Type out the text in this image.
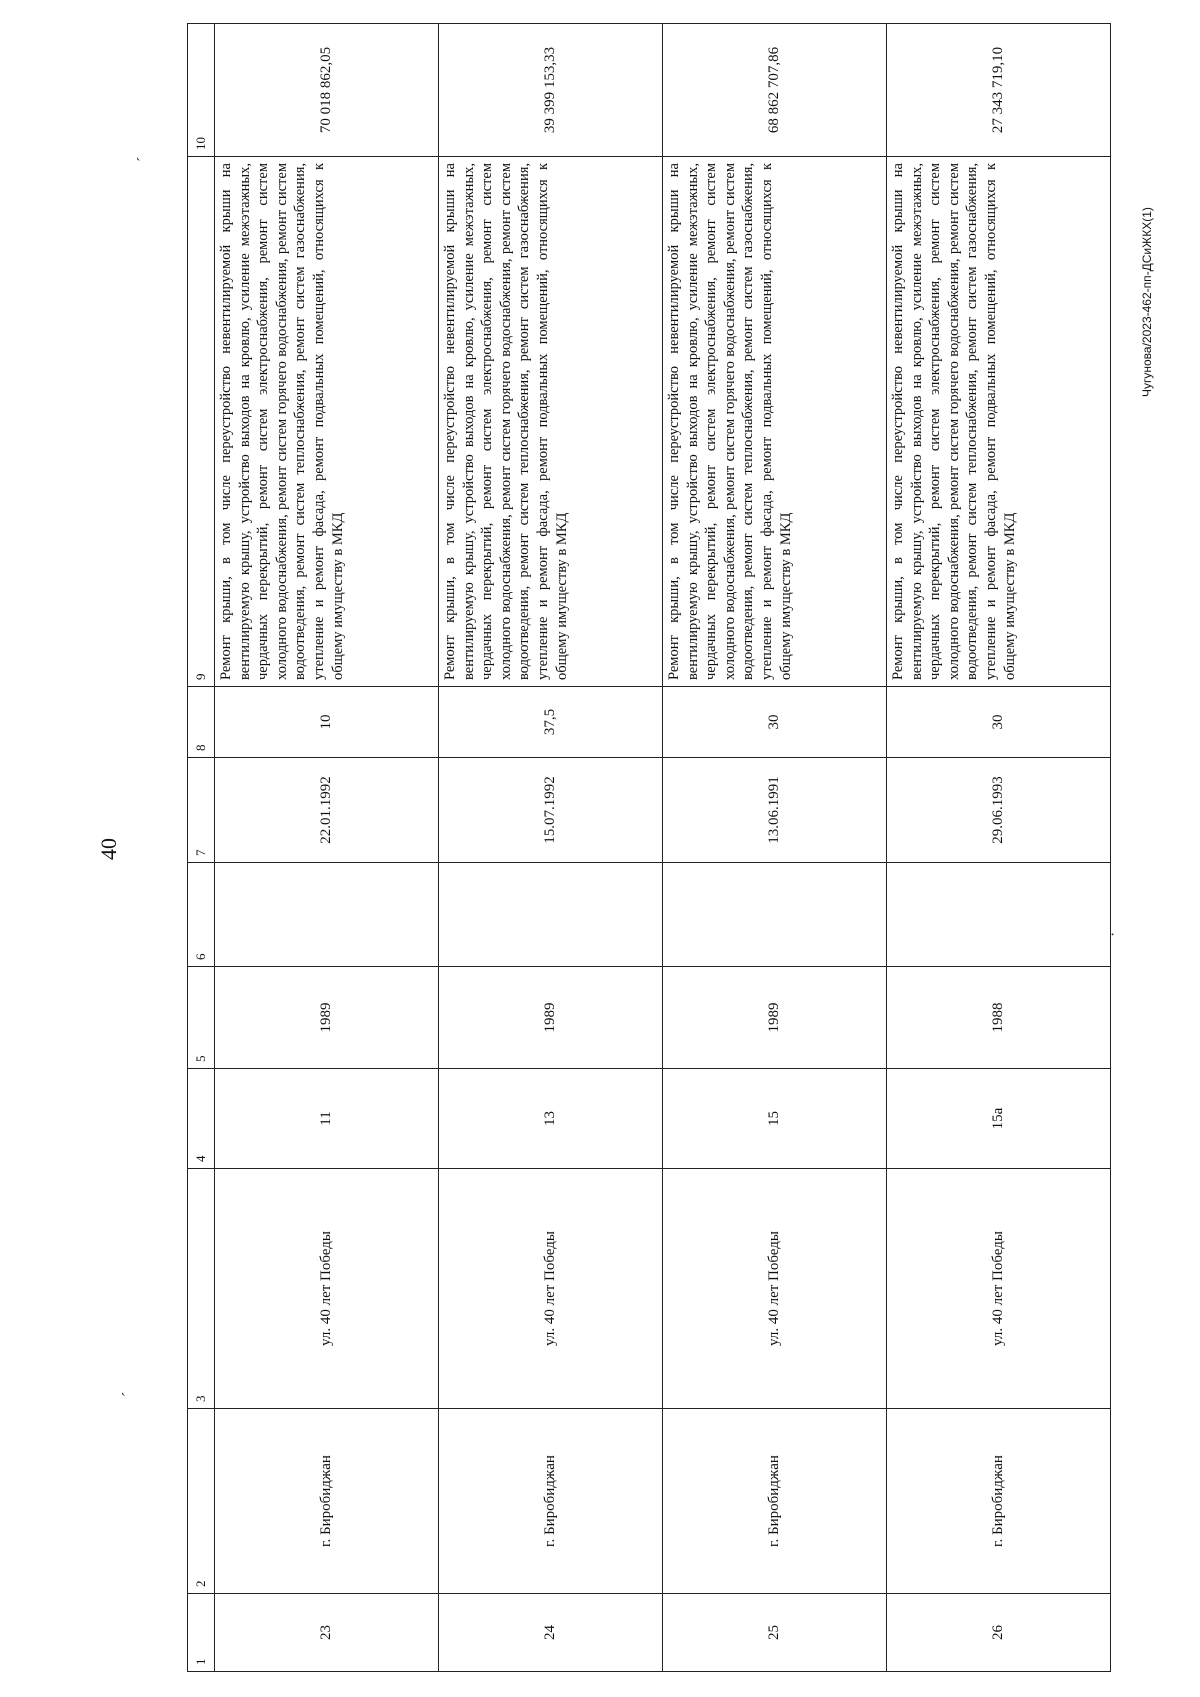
40
1	2	3	4	5	6	7	8	9	10
23	г. Биробиджан	ул. 40 лет Победы	11	1989		22.01.1992	10	Ремонт крыши, в том числе переустройство невентилируемой крыши на вентилируемую крышу, устройство выходов на кровлю, усиление межэтажных, чердачных перекрытий, ремонт систем электроснабжения, ремонт систем холодного водоснабжения, ремонт систем горячего водоснабжения, ремонт систем водоотведения, ремонт систем теплоснабжения, ремонт систем газоснабжения, утепление и ремонт фасада, ремонт подвальных помещений, относящихся к общему имуществу в МКД	70 018 862,05
24	г. Биробиджан	ул. 40 лет Победы	13	1989		15.07.1992	37,5	Ремонт крыши, в том числе переустройство невентилируемой крыши на вентилируемую крышу, устройство выходов на кровлю, усиление межэтажных, чердачных перекрытий, ремонт систем электроснабжения, ремонт систем холодного водоснабжения, ремонт систем горячего водоснабжения, ремонт систем водоотведения, ремонт систем теплоснабжения, ремонт систем газоснабжения, утепление и ремонт фасада, ремонт подвальных помещений, относящихся к общему имуществу в МКД	39 399 153,33
25	г. Биробиджан	ул. 40 лет Победы	15	1989		13.06.1991	30	Ремонт крыши, в том числе переустройство невентилируемой крыши на вентилируемую крышу, устройство выходов на кровлю, усиление межэтажных, чердачных перекрытий, ремонт систем электроснабжения, ремонт систем холодного водоснабжения, ремонт систем горячего водоснабжения, ремонт систем водоотведения, ремонт систем теплоснабжения, ремонт систем газоснабжения, утепление и ремонт фасада, ремонт подвальных помещений, относящихся к общему имуществу в МКД	68 862 707,86
26	г. Биробиджан	ул. 40 лет Победы	15а	1988		29.06.1993	30	Ремонт крыши, в том числе переустройство невентилируемой крыши на вентилируемую крышу, устройство выходов на кровлю, усиление межэтажных, чердачных перекрытий, ремонт систем электроснабжения, ремонт систем холодного водоснабжения, ремонт систем горячего водоснабжения, ремонт систем водоотведения, ремонт систем теплоснабжения, ремонт систем газоснабжения, утепление и ремонт фасада, ремонт подвальных помещений, относящихся к общему имуществу в МКД	27 343 719,10
Чугунова/2023-462-пп-ДСиЖКХ(1)
´
´
·
